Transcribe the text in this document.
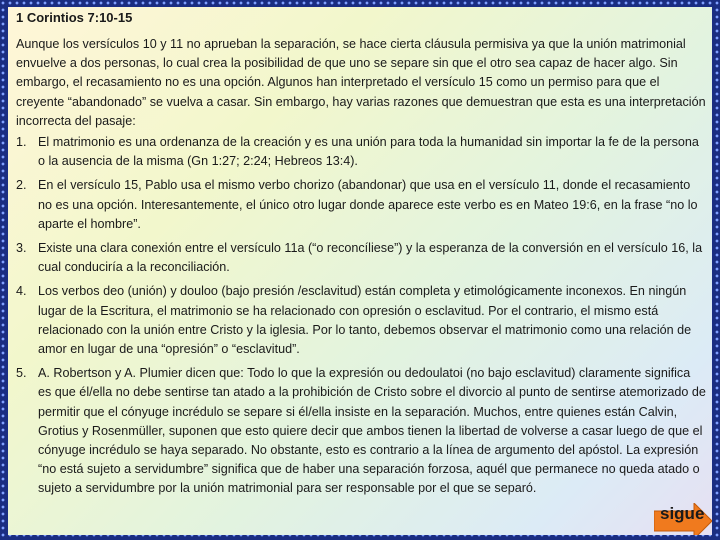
1 Corintios 7:10-15

Aunque los versículos 10 y 11 no aprueban la separación, se hace cierta cláusula permisiva ya que la unión matrimonial envuelve a dos personas, lo cual crea la posibilidad de que uno se separe sin que el otro sea capaz de hacer algo. Sin embargo, el recasamiento no es una opción. Algunos han interpretado el versículo 15 como un permiso para que el creyente “abandonado” se vuelva a casar. Sin embargo, hay varias razones que demuestran que esta es una interpretación incorrecta del pasaje:

1. El matrimonio es una ordenanza de la creación y es una unión para toda la humanidad sin importar la fe de la persona o la ausencia de la misma (Gn 1:27; 2:24; Hebreos 13:4).
2. En el versículo 15, Pablo usa el mismo verbo chorizo (abandonar) que usa en el versículo 11, donde el recasamiento no es una opción. Interesantemente, el único otro lugar donde aparece este verbo es en Mateo 19:6, en la frase “no lo aparte el hombre”.
3. Existe una clara conexión entre el versículo 11a (“o reconcíliese”) y la esperanza de la conversión en el versículo 16, la cual conduciría a la reconciliación.
4. Los verbos deo (unión) y douloo (bajo presión /esclavitud) están completa y etimológicamente inconexos. En ningún lugar de la Escritura, el matrimonio se ha relacionado con opresión o esclavitud. Por el contrario, el mismo está relacionado con la unión entre Cristo y la iglesia. Por lo tanto, debemos observar el matrimonio como una relación de amor en lugar de una “opresión” o “esclavitud”.
5. A. Robertson y A. Plumier dicen que: Todo lo que la expresión ou dedoulatoi (no bajo esclavitud) claramente significa es que él/ella no debe sentirse tan atado a la prohibición de Cristo sobre el divorcio al punto de sentirse atemorizado de permitir que el cónyuge incrédulo se separe si él/ella insiste en la separación. Muchos, entre quienes están Calvin, Grotius y Rosenmüller, suponen que esto quiere decir que ambos tienen la libertad de volverse a casar luego de que el cónyuge incrédulo se haya separado. No obstante, esto es contrario a la línea de argumento del apóstol. La expresión “no está sujeto a servidumbre” significa que de haber una separación forzosa, aquél que permanece no queda atado o sujeto a servidumbre por la unión matrimonial para ser responsable por el que se separó.
sigue
